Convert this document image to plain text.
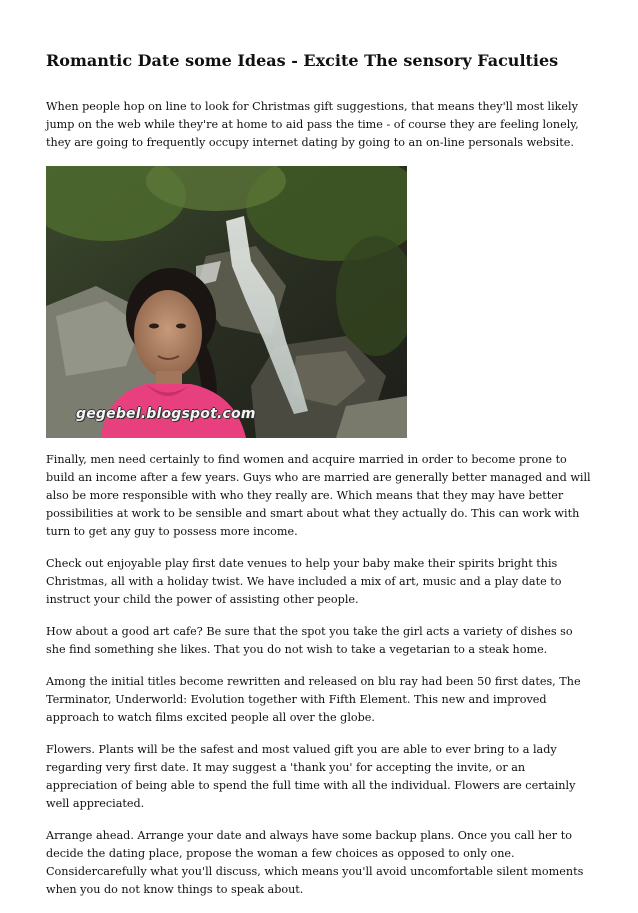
Romantic Date some Ideas - Excite The sensory Faculties

When people hop on line to look for Christmas gift suggestions, that means they'll most likely jump on the web while they're at home to aid pass the time - of course they are feeling lonely, they are going to frequently occupy internet dating by going to an on-line personals website.

gegebel.blogspot.com

Finally, men need certainly to find women and acquire married in order to become prone to build an income after a few years. Guys who are married are generally better managed and will also be more responsible with who they really are. Which means that they may have better possibilities at work to be sensible and smart about what they actually do. This can work with turn to get any guy to possess more income.

Check out enjoyable play first date venues to help your baby make their spirits bright this Christmas, all with a holiday twist. We have included a mix of art, music and a play date to instruct your child the power of assisting other people.

How about a good art cafe? Be sure that the spot you take the girl acts a variety of dishes so she find something she likes. That you do not wish to take a vegetarian to a steak home.

Among the initial titles become rewritten and released on blu ray had been 50 first dates, The Terminator, Underworld: Evolution together with Fifth Element. This new and improved approach to watch films excited people all over the globe.

Flowers. Plants will be the safest and most valued gift you are able to ever bring to a lady regarding very first date. It may suggest a 'thank you' for accepting the invite, or an appreciation of being able to spend the full time with all the individual. Flowers are certainly well appreciated.

Arrange ahead. Arrange your date and always have some backup plans. Once you call her to decide the dating place, propose the woman a few choices as opposed to only one. Considercarefully what you'll discuss, which means you'll avoid uncomfortable silent moments when you do not know things to speak about.
